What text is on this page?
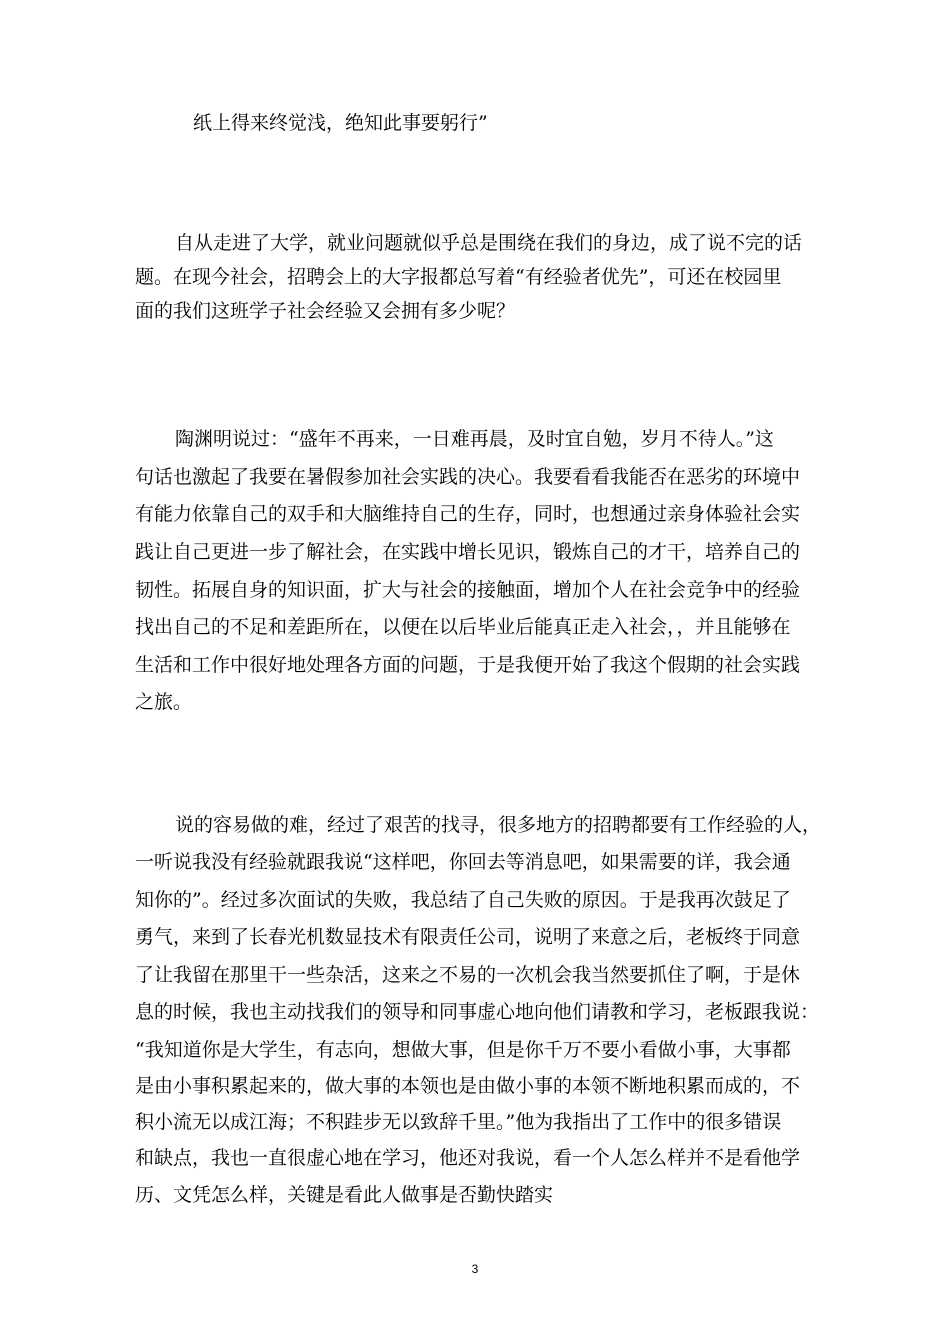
纸上得来终觉浅，绝知此事要躬行”

自从走进了大学，就业问题就似乎总是围绕在我们的身边，成了说不完的话

题。在现今社会，招聘会上的大字报都总写着“有经验者优先”，可还在校园里

面的我们这班学子社会经验又会拥有多少呢？

陶渊明说过：“盛年不再来，一日难再晨，及时宜自勉，岁月不待人。”这

句话也激起了我要在暑假参加社会实践的决心。我要看看我能否在恶劣的环境中

有能力依靠自己的双手和大脑维持自己的生存，同时，也想通过亲身体验社会实

践让自己更进一步了解社会，在实践中增长见识，锻炼自己的才干，培养自己的

韧性。拓展自身的知识面，扩大与社会的接触面，增加个人在社会竞争中的经验

找出自己的不足和差距所在，以便在以后毕业后能真正走入社会，，并且能够在

生活和工作中很好地处理各方面的问题，于是我便开始了我这个假期的社会实践

之旅。

说的容易做的难，经过了艰苦的找寻，很多地方的招聘都要有工作经验的人，

一听说我没有经验就跟我说“这样吧，你回去等消息吧，如果需要的详，我会通

知你的”。经过多次面试的失败，我总结了自己失败的原因。于是我再次鼓足了

勇气，来到了长春光机数显技术有限责任公司，说明了来意之后，老板终于同意

了让我留在那里干一些杂活，这来之不易的一次机会我当然要抓住了啊，于是休

息的时候，我也主动找我们的领导和同事虚心地向他们请教和学习，老板跟我说：

“我知道你是大学生，有志向，想做大事，但是你千万不要小看做小事，大事都

是由小事积累起来的，做大事的本领也是由做小事的本领不断地积累而成的，不

积小流无以成江海；不积跬步无以致辞千里。”他为我指出了工作中的很多错误

和缺点，我也一直很虚心地在学习，他还对我说，看一个人怎么样并不是看他学

历、文凭怎么样，关键是看此人做事是否勤快踏实

3
